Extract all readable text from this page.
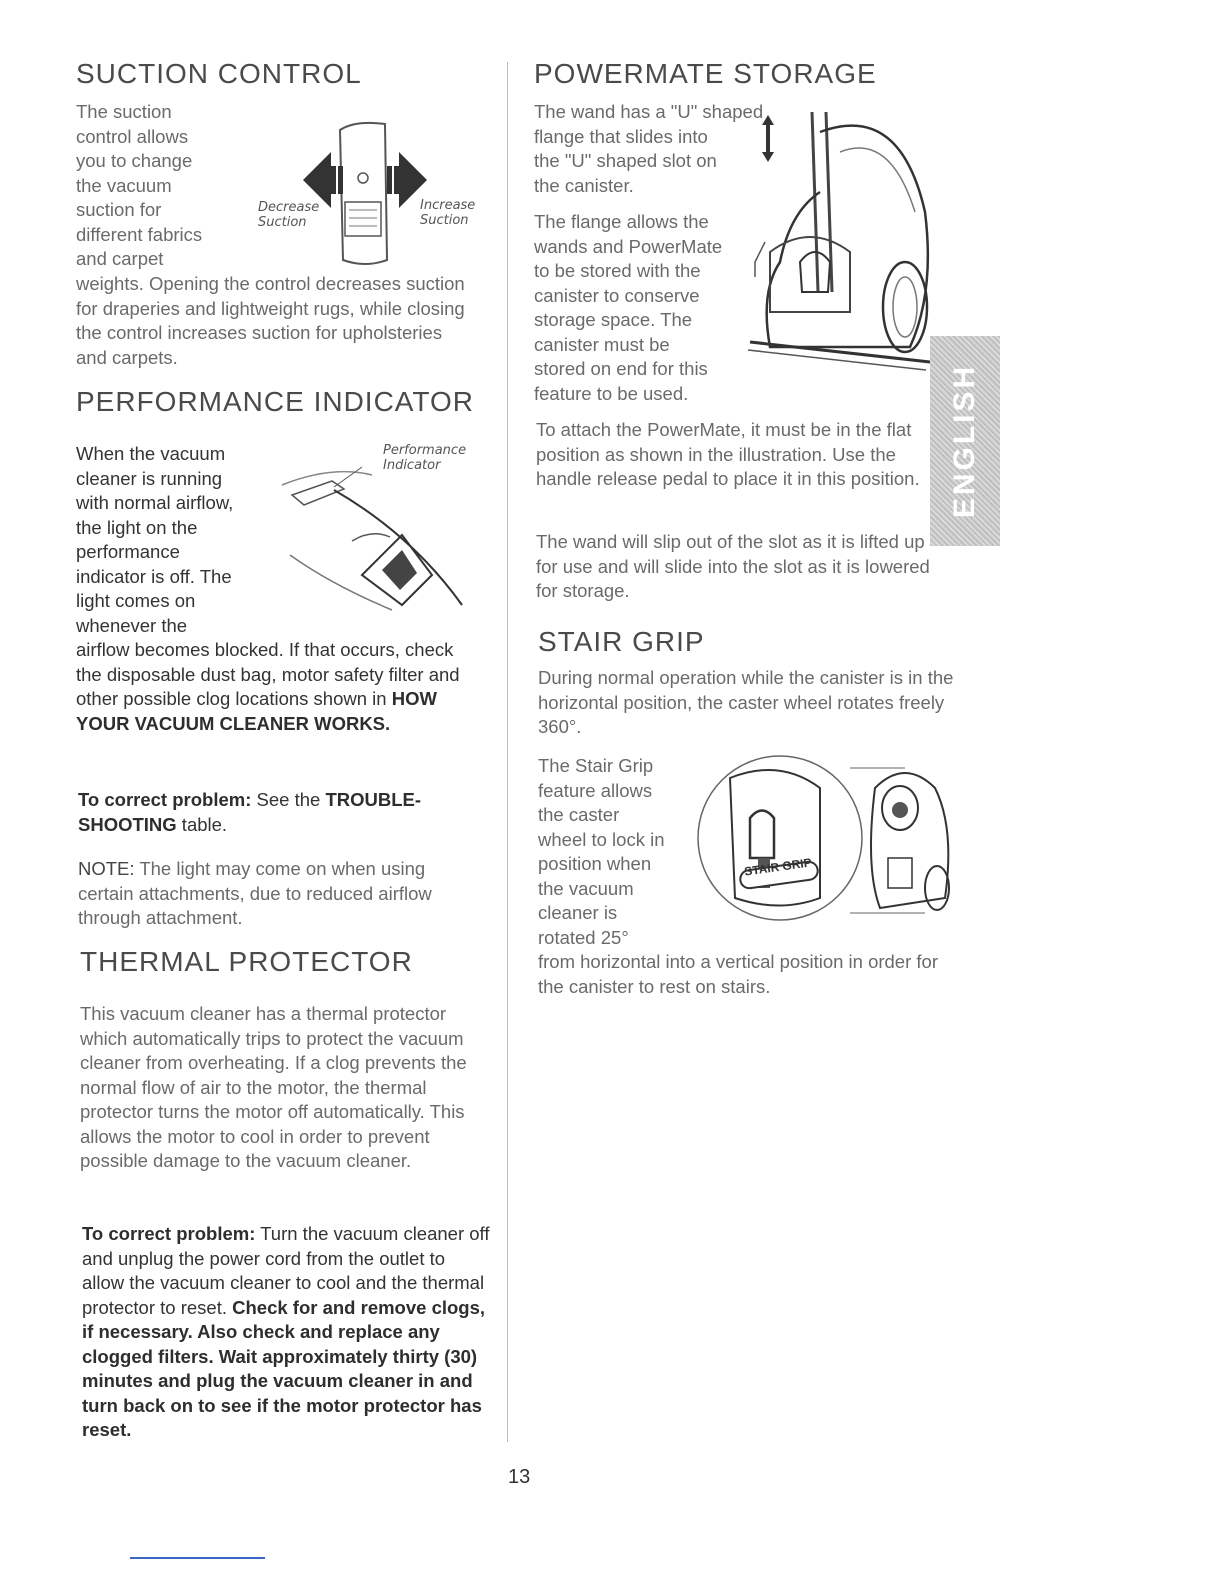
SUCTION CONTROL
The suction
control allows
you to change
the vacuum
suction for
different fabrics
and carpet

weights. Opening the control decreases suction for draperies and lightweight rugs, while closing the control increases suction for upholsteries and carpets.

Decrease
Suction
Increase
Suction
PERFORMANCE INDICATOR
When the vacuum
cleaner is running
with normal airflow,
the light on the
performance
indicator is off. The
light comes on
whenever the

airflow becomes blocked. If that occurs, check the disposable dust bag, motor safety filter and other possible clog locations shown in HOW YOUR VACUUM CLEANER WORKS.

Performance
Indicator

To correct problem: See the TROUBLE-SHOOTING table.

NOTE: The light may come on when using certain attachments, due to reduced airflow through attachment.

THERMAL PROTECTOR

This vacuum cleaner has a thermal protector which automatically trips to protect the vacuum cleaner from overheating. If a clog prevents the normal flow of air to the motor, the thermal protector turns the motor off automatically. This allows the motor to cool in order to prevent possible damage to the vacuum cleaner.

To correct problem: Turn the vacuum cleaner off and unplug the power cord from the outlet to allow the vacuum cleaner to cool and the thermal protector to reset. Check for and remove clogs, if necessary. Also check and replace any clogged filters. Wait approximately thirty (30) minutes and plug the vacuum cleaner in and turn back on to see if the motor protector has reset.

POWERMATE STORAGE
The wand has a "U" shaped
flange that slides into
the "U" shaped slot on
the canister.
The flange allows the
wands and PowerMate
to be stored with the
canister to conserve
storage space. The
canister must be
stored on end for this
feature to be used.

To attach the PowerMate, it must be in the flat position as shown in the illustration. Use the handle release pedal to place it in this position.

The wand will slip out of the slot as it is lifted up for use and will slide into the slot as it is lowered for storage.

STAIR GRIP

During normal operation while the canister is in the horizontal position, the caster wheel rotates freely 360°.

The Stair Grip
feature allows
the caster
wheel to lock in
position when
the vacuum
cleaner is
rotated 25°

from horizontal into a vertical position in order for the canister to rest on stairs.

STAIR GRIP
ENGLISH
13
